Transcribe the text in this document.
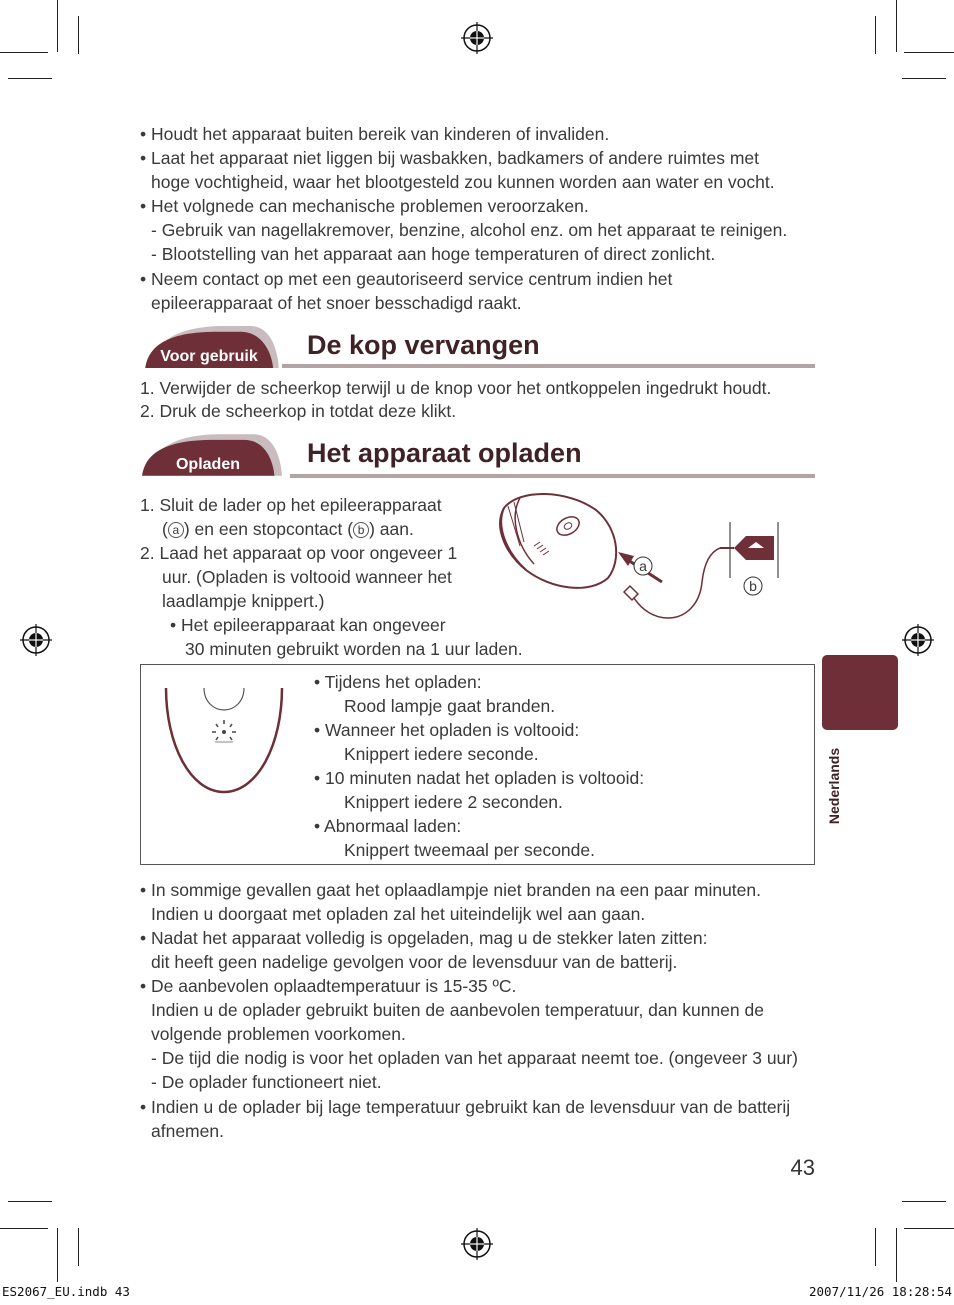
• Houdt het apparaat buiten bereik van kinderen of invaliden.
• Laat het apparaat niet liggen bij wasbakken, badkamers of andere ruimtes met
hoge vochtigheid, waar het blootgesteld zou kunnen worden aan water en vocht.
• Het volgnede can mechanische problemen veroorzaken.
- Gebruik van nagellakremover, benzine, alcohol enz. om het apparaat te reinigen.
- Blootstelling van het apparaat aan hoge temperaturen of direct zonlicht.
• Neem contact op met een geautoriseerd service centrum indien het
epileerapparaat of het snoer besschadigd raakt.
Voor gebruik	De kop vervangen
1. Verwijder de scheerkop terwijl u de knop voor het ontkoppelen ingedrukt houdt.
2. Druk de scheerkop in totdat deze klikt.
Opladen	Het apparaat opladen
1. Sluit de lader op het epileerapparaat
( a ) en een stopcontact ( b ) aan.
2. Laad het apparaat op voor ongeveer 1
uur. (Opladen is voltooid wanneer het
laadlampje knippert.)
• Het epileerapparaat kan ongeveer
30 minuten gebruikt worden na 1 uur laden.
a
b
• Tijdens het opladen:
Rood lampje gaat branden.
• Wanneer het opladen is voltooid:
Knippert iedere seconde.
• 10 minuten nadat het opladen is voltooid:
Knippert iedere 2 seconden.
• Abnormaal laden:
Knippert tweemaal per seconde.
• In sommige gevallen gaat het oplaadlampje niet branden na een paar minuten.
Indien u doorgaat met opladen zal het uiteindelijk wel aan gaan.
• Nadat het apparaat volledig is opgeladen, mag u de stekker laten zitten:
dit heeft geen nadelige gevolgen voor de levensduur van de batterij.
• De aanbevolen oplaadtemperatuur is 15-35 ºC.
Indien u de oplader gebruikt buiten de aanbevolen temperatuur, dan kunnen de
volgende problemen voorkomen.
- De tijd die nodig is voor het opladen van het apparaat neemt toe. (ongeveer 3 uur)
- De oplader functioneert niet.
• Indien u de oplader bij lage temperatuur gebruikt kan de levensduur van de batterij
afnemen.
Nederlands
43
ES2067_EU.indb 43	2007/11/26 18:28:54
